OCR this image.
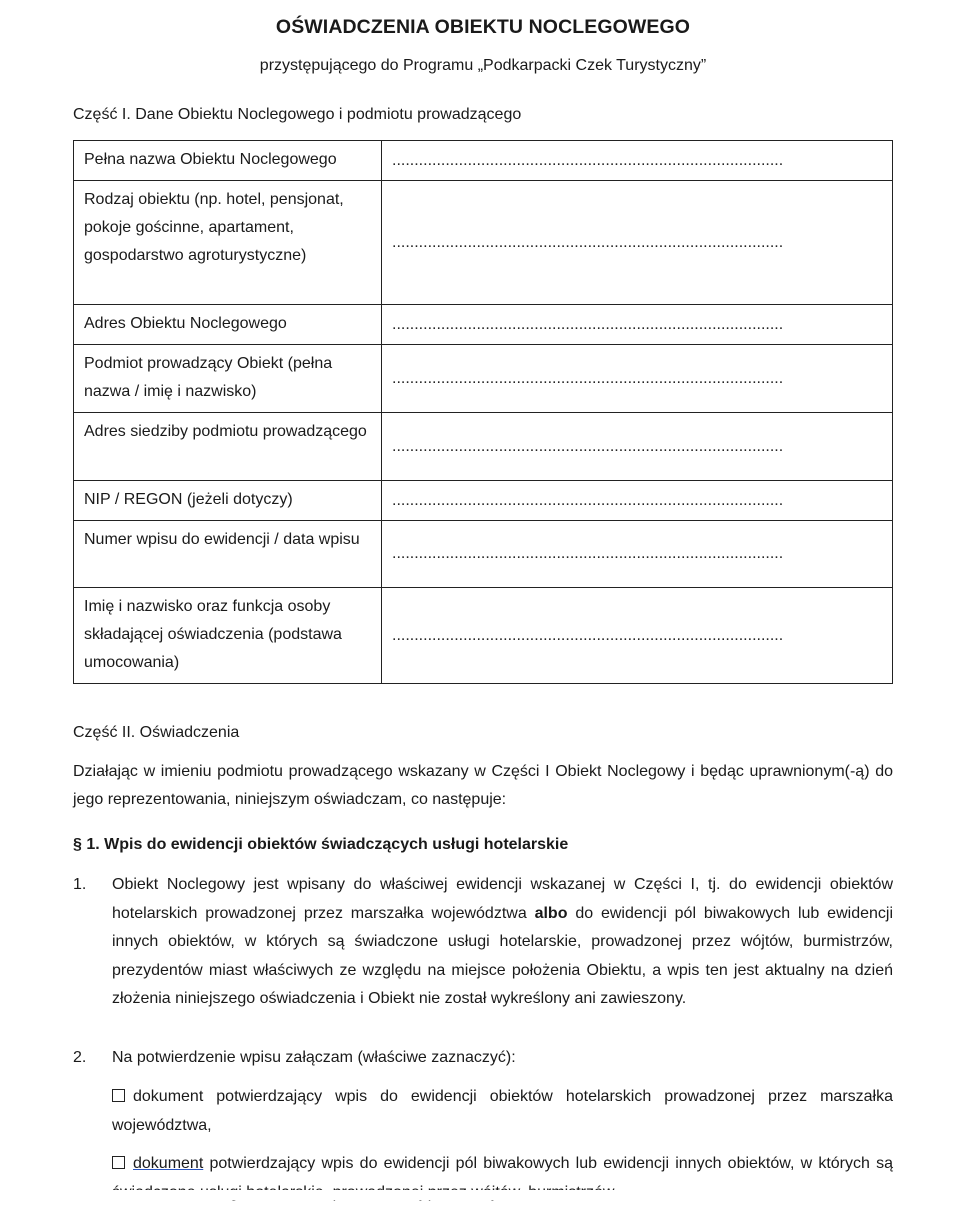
OŚWIADCZENIA OBIEKTU NOCLEGOWEGO
przystępującego do Programu „Podkarpacki Czek Turystyczny”
Część I. Dane Obiektu Noclegowego i podmiotu prowadzącego
Pełna nazwa Obiektu Noclegowego	........................................................................................
Rodzaj obiektu (np. hotel, pensjonat, pokoje gościnne, apartament, gospodarstwo agroturystyczne)	........................................................................................
Adres Obiektu Noclegowego	........................................................................................
Podmiot prowadzący Obiekt (pełna nazwa / imię i nazwisko)	........................................................................................
Adres siedziby podmiotu prowadzącego	........................................................................................
NIP / REGON (jeżeli dotyczy)	........................................................................................
Numer wpisu do ewidencji / data wpisu	........................................................................................
Imię i nazwisko oraz funkcja osoby składającej oświadczenia (podstawa umocowania)	........................................................................................
Część II. Oświadczenia
Działając w imieniu podmiotu prowadzącego wskazany w Części I Obiekt Noclegowy i będąc uprawnionym(-ą) do jego reprezentowania, niniejszym oświadczam, co następuje:
§ 1. Wpis do ewidencji obiektów świadczących usługi hotelarskie
1. Obiekt Noclegowy jest wpisany do właściwej ewidencji wskazanej w Części I, tj. do ewidencji obiektów hotelarskich prowadzonej przez marszałka województwa albo do ewidencji pól biwakowych lub ewidencji innych obiektów, w których są świadczone usługi hotelarskie, prowadzonej przez wójtów, burmistrzów, prezydentów miast właściwych ze względu na miejsce położenia Obiektu, a wpis ten jest aktualny na dzień złożenia niniejszego oświadczenia i Obiekt nie został wykreślony ani zawieszony.
2. Na potwierdzenie wpisu załączam (właściwe zaznaczyć):
dokument potwierdzający wpis do ewidencji obiektów hotelarskich prowadzonej przez marszałka województwa,
dokument potwierdzający wpis do ewidencji pól biwakowych lub ewidencji innych obiektów, w których są
